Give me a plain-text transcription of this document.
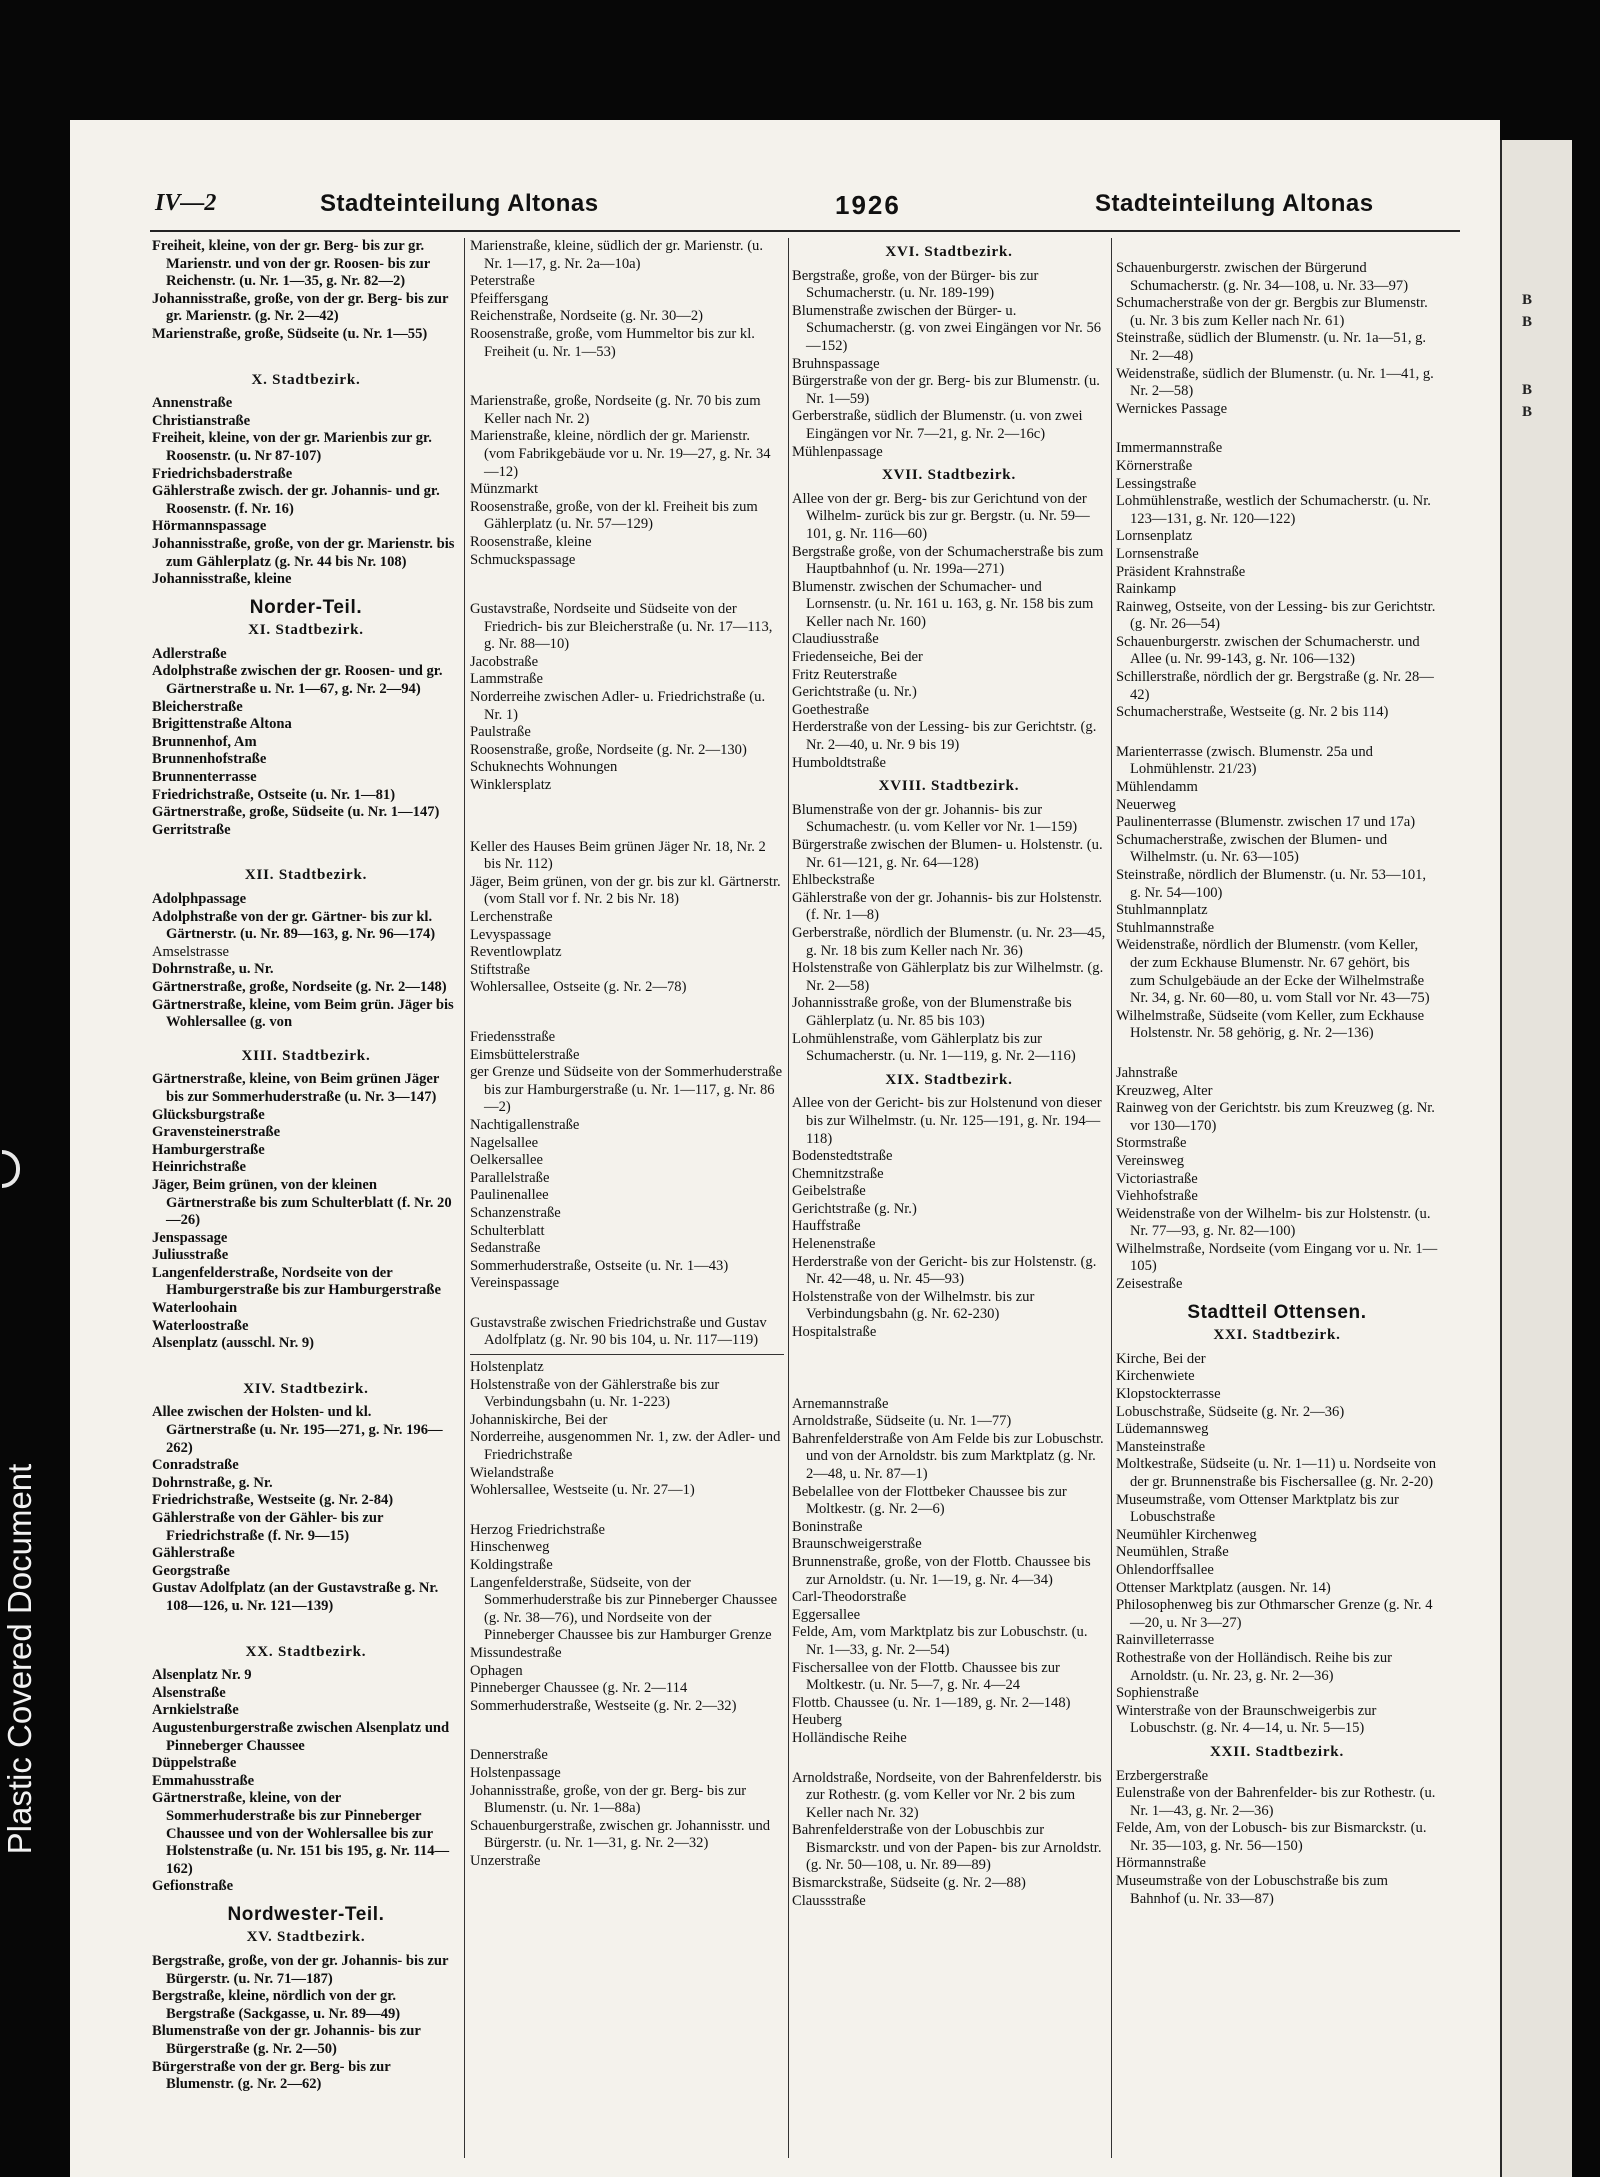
Plastic Covered Document
IV—2	Stadteinteilung Altonas	1926	Stadteinteilung Altonas
Freiheit, kleine, von der gr. Berg- bis zur gr. Marienstr. und von der gr. Roosen- bis zur Reichenstr. (u. Nr. 1—35, g. Nr. 82—2)
Johannisstraße, große, von der gr. Berg- bis zur gr. Marienstr. (g. Nr. 2—42)
Marienstraße, große, Südseite (u. Nr. 1—55)
X. Stadtbezirk.
Annenstraße
Christianstraße
Freiheit, kleine, von der gr. Marienbis zur gr. Roosenstr. (u. Nr 87-107)
Friedrichsbaderstraße
Gählerstraße zwisch. der gr. Johannis- und gr. Roosenstr. (f. Nr. 16)
Hörmannspassage
Johannisstraße, große, von der gr. Marienstr. bis zum Gählerplatz (g. Nr. 44 bis Nr. 108)
Johannisstraße, kleine
Norder-Teil.
XI. Stadtbezirk.
Adlerstraße
Adolphstraße zwischen der gr. Roosen- und gr. Gärtnerstraße u. Nr. 1—67, g. Nr. 2—94)
Bleicherstraße
Brigittenstraße Altona
Brunnenhof, Am
Brunnenhofstraße
Brunnenterrasse
Friedrichstraße, Ostseite (u. Nr. 1—81)
Gärtnerstraße, große, Südseite (u. Nr. 1—147)
Gerritstraße
XII. Stadtbezirk.
Adolphpassage
Adolphstraße von der gr. Gärtner- bis zur kl. Gärtnerstr. (u. Nr. 89—163, g. Nr. 96—174)
Amselstrasse
Dohrnstraße, u. Nr.
Gärtnerstraße, große, Nordseite (g. Nr. 2—148)
Gärtnerstraße, kleine, vom Beim grün. Jäger bis Wohlersallee (g. von
XIII. Stadtbezirk.
Gärtnerstraße, kleine, von Beim grünen Jäger bis zur Sommerhuderstraße (u. Nr. 3—147)
Glücksburgstraße
Gravensteinerstraße
Hamburgerstraße
Heinrichstraße
Jäger, Beim grünen, von der kleinen Gärtnerstraße bis zum Schulterblatt (f. Nr. 20—26)
Jenspassage
Juliusstraße
Langenfelderstraße, Nordseite von der Hamburgerstraße bis zur Hamburgerstraße
Waterloohain
Waterloostraße
Alsenplatz (ausschl. Nr. 9)
XIV. Stadtbezirk.
Allee zwischen der Holsten- und kl. Gärtnerstraße (u. Nr. 195—271, g. Nr. 196—262)
Conradstraße
Dohrnstraße, g. Nr.
Friedrichstraße, Westseite (g. Nr. 2-84)
Gählerstraße von der Gähler- bis zur Friedrichstraße (f. Nr. 9—15)
Gählerstraße
Georgstraße
Gustav Adolfplatz (an der Gustavstraße g. Nr. 108—126, u. Nr. 121—139)
XX. Stadtbezirk.
Alsenplatz Nr. 9
Alsenstraße
Arnkielstraße
Augustenburgerstraße zwischen Alsenplatz und Pinneberger Chaussee
Düppelstraße
Emmahusstraße
Gärtnerstraße, kleine, von der Sommerhuderstraße bis zur Pinneberger Chaussee und von der Wohlersallee bis zur Holstenstraße (u. Nr. 151 bis 195, g. Nr. 114—162)
Gefionstraße
Nordwester-Teil.
XV. Stadtbezirk.
Bergstraße, große, von der gr. Johannis- bis zur Bürgerstr. (u. Nr. 71—187)
Bergstraße, kleine, nördlich von der gr. Bergstraße (Sackgasse, u. Nr. 89—49)
Blumenstraße von der gr. Johannis- bis zur Bürgerstraße (g. Nr. 2—50)
Bürgerstraße von der gr. Berg- bis zur Blumenstr. (g. Nr. 2—62)
Marienstraße, kleine, südlich der gr. Marienstr. (u. Nr. 1—17, g. Nr. 2a—10a)
Peterstraße
Pfeiffersgang
Reichenstraße, Nordseite (g. Nr. 30—2)
Roosenstraße, große, vom Hummeltor bis zur kl. Freiheit (u. Nr. 1—53)
Marienstraße, große, Nordseite (g. Nr. 70 bis zum Keller nach Nr. 2)
Marienstraße, kleine, nördlich der gr. Marienstr. (vom Fabrikgebäude vor u. Nr. 19—27, g. Nr. 34—12)
Münzmarkt
Roosenstraße, große, von der kl. Freiheit bis zum Gählerplatz (u. Nr. 57—129)
Roosenstraße, kleine
Schmuckspassage
Gustavstraße, Nordseite und Südseite von der Friedrich- bis zur Bleicherstraße (u. Nr. 17—113, g. Nr. 88—10)
Jacobstraße
Lammstraße
Norderreihe zwischen Adler- u. Friedrichstraße (u. Nr. 1)
Paulstraße
Roosenstraße, große, Nordseite (g. Nr. 2—130)
Schuknechts Wohnungen
Winklersplatz
Keller des Hauses Beim grünen Jäger Nr. 18, Nr. 2 bis Nr. 112)
Jäger, Beim grünen, von der gr. bis zur kl. Gärtnerstr. (vom Stall vor f. Nr. 2 bis Nr. 18)
Lerchenstraße
Levyspassage
Reventlowplatz
Stiftstraße
Wohlersallee, Ostseite (g. Nr. 2—78)
Friedensstraße
Eimsbüttelerstraße
ger Grenze und Südseite von der Sommerhuderstraße bis zur Hamburgerstraße (u. Nr. 1—117, g. Nr. 86—2)
Nachtigallenstraße
Nagelsallee
Oelkersallee
Parallelstraße
Paulinenallee
Schanzenstraße
Schulterblatt
Sedanstraße
Sommerhuderstraße, Ostseite (u. Nr. 1—43)
Vereinspassage
Gustavstraße zwischen Friedrichstraße und Gustav Adolfplatz (g. Nr. 90 bis 104, u. Nr. 117—119)
Holstenplatz
Holstenstraße von der Gählerstraße bis zur Verbindungsbahn (u. Nr. 1-223)
Johanniskirche, Bei der
Norderreihe, ausgenommen Nr. 1, zw. der Adler- und Friedrichstraße
Wielandstraße
Wohlersallee, Westseite (u. Nr. 27—1)
Herzog Friedrichstraße
Hinschenweg
Koldingstraße
Langenfelderstraße, Südseite, von der Sommerhuderstraße bis zur Pinneberger Chaussee (g. Nr. 38—76), und Nordseite von der Pinneberger Chaussee bis zur Hamburger Grenze
Missundestraße
Ophagen
Pinneberger Chaussee (g. Nr. 2—114
Sommerhuderstraße, Westseite (g. Nr. 2—32)
Dennerstraße
Holstenpassage
Johannisstraße, große, von der gr. Berg- bis zur Blumenstr. (u. Nr. 1—88a)
Schauenburgerstraße, zwischen gr. Johannisstr. und Bürgerstr. (u. Nr. 1—31, g. Nr. 2—32)
Unzerstraße
XVI. Stadtbezirk.
Bergstraße, große, von der Bürger- bis zur Schumacherstr. (u. Nr. 189-199)
Blumenstraße zwischen der Bürger- u. Schumacherstr. (g. von zwei Eingängen vor Nr. 56—152)
Bruhnspassage
Bürgerstraße von der gr. Berg- bis zur Blumenstr. (u. Nr. 1—59)
Gerberstraße, südlich der Blumenstr. (u. von zwei Eingängen vor Nr. 7—21, g. Nr. 2—16c)
Mühlenpassage
XVII. Stadtbezirk.
Allee von der gr. Berg- bis zur Gerichtund von der Wilhelm- zurück bis zur gr. Bergstr. (u. Nr. 59—101, g. Nr. 116—60)
Bergstraße große, von der Schumacherstraße bis zum Hauptbahnhof (u. Nr. 199a—271)
Blumenstr. zwischen der Schumacher- und Lornsenstr. (u. Nr. 161 u. 163, g. Nr. 158 bis zum Keller nach Nr. 160)
Claudiusstraße
Friedenseiche, Bei der
Fritz Reuterstraße
Gerichtstraße (u. Nr.)
Goethestraße
Herderstraße von der Lessing- bis zur Gerichtstr. (g. Nr. 2—40, u. Nr. 9 bis 19)
Humboldtstraße
XVIII. Stadtbezirk.
Blumenstraße von der gr. Johannis- bis zur Schumachestr. (u. vom Keller vor Nr. 1—159)
Bürgerstraße zwischen der Blumen- u. Holstenstr. (u. Nr. 61—121, g. Nr. 64—128)
Ehlbeckstraße
Gählerstraße von der gr. Johannis- bis zur Holstenstr. (f. Nr. 1—8)
Gerberstraße, nördlich der Blumenstr. (u. Nr. 23—45, g. Nr. 18 bis zum Keller nach Nr. 36)
Holstenstraße von Gählerplatz bis zur Wilhelmstr. (g. Nr. 2—58)
Johannisstraße große, von der Blumenstraße bis Gählerplatz (u. Nr. 85 bis 103)
Lohmühlenstraße, vom Gählerplatz bis zur Schumacherstr. (u. Nr. 1—119, g. Nr. 2—116)
XIX. Stadtbezirk.
Allee von der Gericht- bis zur Holstenund von dieser bis zur Wilhelmstr. (u. Nr. 125—191, g. Nr. 194—118)
Bodenstedtstraße
Chemnitzstraße
Geibelstraße
Gerichtstraße (g. Nr.)
Hauffstraße
Helenenstraße
Herderstraße von der Gericht- bis zur Holstenstr. (g. Nr. 42—48, u. Nr. 45—93)
Holstenstraße von der Wilhelmstr. bis zur Verbindungsbahn (g. Nr. 62-230)
Hospitalstraße
Arnemannstraße
Arnoldstraße, Südseite (u. Nr. 1—77)
Bahrenfelderstraße von Am Felde bis zur Lobuschstr. und von der Arnoldstr. bis zum Marktplatz (g. Nr. 2—48, u. Nr. 87—1)
Bebelallee von der Flottbeker Chaussee bis zur Moltkestr. (g. Nr. 2—6)
Boninstraße
Braunschweigerstraße
Brunnenstraße, große, von der Flottb. Chaussee bis zur Arnoldstr. (u. Nr. 1—19, g. Nr. 4—34)
Carl-Theodorstraße
Eggersallee
Felde, Am, vom Marktplatz bis zur Lobuschstr. (u. Nr. 1—33, g. Nr. 2—54)
Fischersallee von der Flottb. Chaussee bis zur Moltkestr. (u. Nr. 5—7, g. Nr. 4—24
Flottb. Chaussee (u. Nr. 1—189, g. Nr. 2—148)
Heuberg
Holländische Reihe
Arnoldstraße, Nordseite, von der Bahrenfelderstr. bis zur Rothestr. (g. vom Keller vor Nr. 2 bis zum Keller nach Nr. 32)
Bahrenfelderstraße von der Lobuschbis zur Bismarckstr. und von der Papen- bis zur Arnoldstr. (g. Nr. 50—108, u. Nr. 89—89)
Bismarckstraße, Südseite (g. Nr. 2—88)
Claussstraße
Schauenburgerstr. zwischen der Bürgerund Schumacherstr. (g. Nr. 34—108, u. Nr. 33—97)
Schumacherstraße von der gr. Bergbis zur Blumenstr. (u. Nr. 3 bis zum Keller nach Nr. 61)
Steinstraße, südlich der Blumenstr. (u. Nr. 1a—51, g. Nr. 2—48)
Weidenstraße, südlich der Blumenstr. (u. Nr. 1—41, g. Nr. 2—58)
Wernickes Passage
Immermannstraße
Körnerstraße
Lessingstraße
Lohmühlenstraße, westlich der Schumacherstr. (u. Nr. 123—131, g. Nr. 120—122)
Lornsenplatz
Lornsenstraße
Präsident Krahnstraße
Rainkamp
Rainweg, Ostseite, von der Lessing- bis zur Gerichtstr. (g. Nr. 26—54)
Schauenburgerstr. zwischen der Schumacherstr. und Allee (u. Nr. 99-143, g. Nr. 106—132)
Schillerstraße, nördlich der gr. Bergstraße (g. Nr. 28—42)
Schumacherstraße, Westseite (g. Nr. 2 bis 114)
Marienterrasse (zwisch. Blumenstr. 25a und Lohmühlenstr. 21/23)
Mühlendamm
Neuerweg
Paulinenterrasse (Blumenstr. zwischen 17 und 17a)
Schumacherstraße, zwischen der Blumen- und Wilhelmstr. (u. Nr. 63—105)
Steinstraße, nördlich der Blumenstr. (u. Nr. 53—101, g. Nr. 54—100)
Stuhlmannplatz
Stuhlmannstraße
Weidenstraße, nördlich der Blumenstr. (vom Keller, der zum Eckhause Blumenstr. Nr. 67 gehört, bis zum Schulgebäude an der Ecke der Wilhelmstraße Nr. 34, g. Nr. 60—80, u. vom Stall vor Nr. 43—75)
Wilhelmstraße, Südseite (vom Keller, zum Eckhause Holstenstr. Nr. 58 gehörig, g. Nr. 2—136)
Jahnstraße
Kreuzweg, Alter
Rainweg von der Gerichtstr. bis zum Kreuzweg (g. Nr. vor 130—170)
Stormstraße
Vereinsweg
Victoriastraße
Viehhofstraße
Weidenstraße von der Wilhelm- bis zur Holstenstr. (u. Nr. 77—93, g. Nr. 82—100)
Wilhelmstraße, Nordseite (vom Eingang vor u. Nr. 1—105)
Zeisestraße
Stadtteil Ottensen.
XXI. Stadtbezirk.
Kirche, Bei der
Kirchenwiete
Klopstockterrasse
Lobuschstraße, Südseite (g. Nr. 2—36)
Lüdemannsweg
Mansteinstraße
Moltkestraße, Südseite (u. Nr. 1—11) u. Nordseite von der gr. Brunnenstraße bis Fischersallee (g. Nr. 2-20)
Museumstraße, vom Ottenser Marktplatz bis zur Lobuschstraße
Neumühler Kirchenweg
Neumühlen, Straße
Ohlendorffsallee
Ottenser Marktplatz (ausgen. Nr. 14)
Philosophenweg bis zur Othmarscher Grenze (g. Nr. 4—20, u. Nr 3—27)
Rainvilleterrasse
Rothestraße von der Holländisch. Reihe bis zur Arnoldstr. (u. Nr. 23, g. Nr. 2—36)
Sophienstraße
Winterstraße von der Braunschweigerbis zur Lobuschstr. (g. Nr. 4—14, u. Nr. 5—15)
XXII. Stadtbezirk.
Erzbergerstraße
Eulenstraße von der Bahrenfelder- bis zur Rothestr. (u. Nr. 1—43, g. Nr. 2—36)
Felde, Am, von der Lobusch- bis zur Bismarckstr. (u. Nr. 35—103, g. Nr. 56—150)
Hörmannstraße
Museumstraße von der Lobuschstraße bis zum Bahnhof (u. Nr. 33—87)
B
B
B
B
